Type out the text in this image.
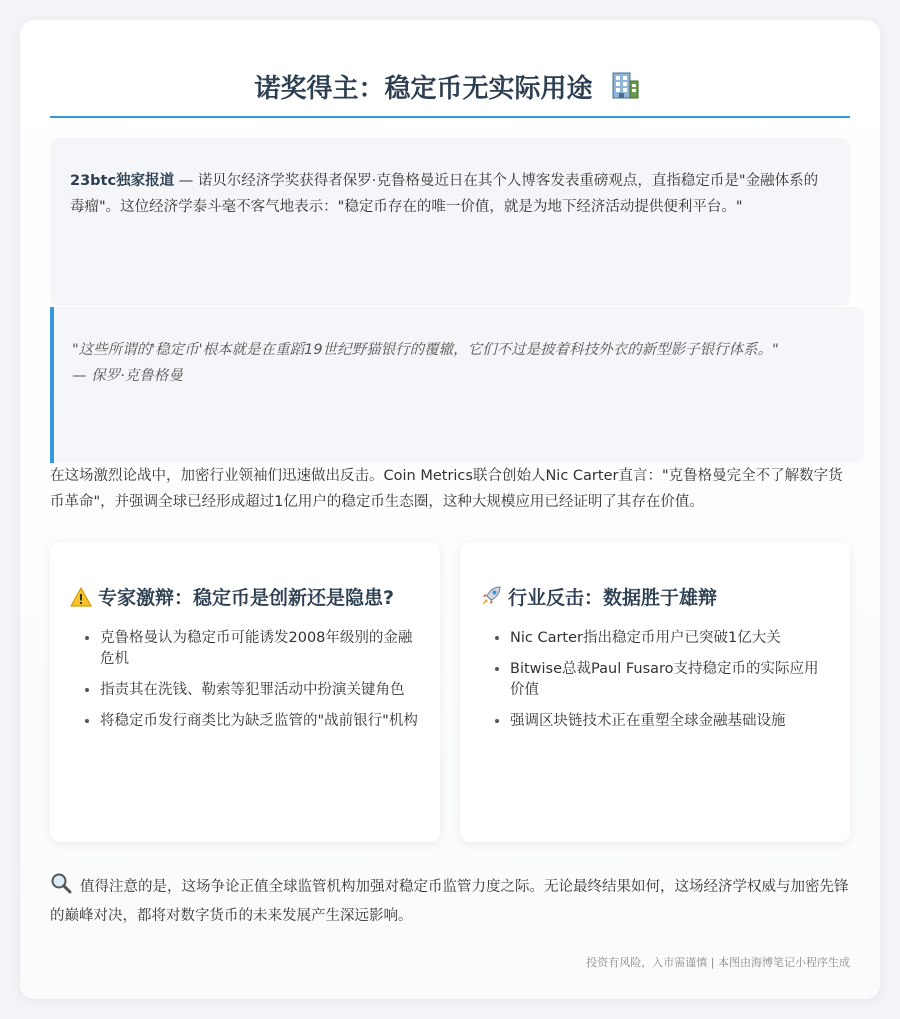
诺奖得主：稳定币无实际用途
23btc独家报道 — 诺贝尔经济学奖获得者保罗·克鲁格曼近日在其个人博客发表重磅观点，直指稳定币是"金融体系的毒瘤"。这位经济学泰斗毫不客气地表示："稳定币存在的唯一价值，就是为地下经济活动提供便利平台。"
"这些所谓的'稳定币'根本就是在重蹈19世纪野猫银行的覆辙，它们不过是披着科技外衣的新型影子银行体系。"
— 保罗·克鲁格曼
在这场激烈论战中，加密行业领袖们迅速做出反击。Coin Metrics联合创始人Nic Carter直言："克鲁格曼完全不了解数字货币革命"，并强调全球已经形成超过1亿用户的稳定币生态圈，这种大规模应用已经证明了其存在价值。
专家激辩：稳定币是创新还是隐患?
• 克鲁格曼认为稳定币可能诱发2008年级别的金融危机
• 指责其在洗钱、勒索等犯罪活动中扮演关键角色
• 将稳定币发行商类比为缺乏监管的"战前银行"机构
行业反击：数据胜于雄辩
• Nic Carter指出稳定币用户已突破1亿大关
• Bitwise总裁Paul Fusaro支持稳定币的实际应用价值
• 强调区块链技术正在重塑全球金融基础设施
值得注意的是，这场争论正值全球监管机构加强对稳定币监管力度之际。无论最终结果如何，这场经济学权威与加密先锋的巅峰对决，都将对数字货币的未来发展产生深远影响。
投资有风险，入市需谨慎 | 本图由海博笔记小程序生成
